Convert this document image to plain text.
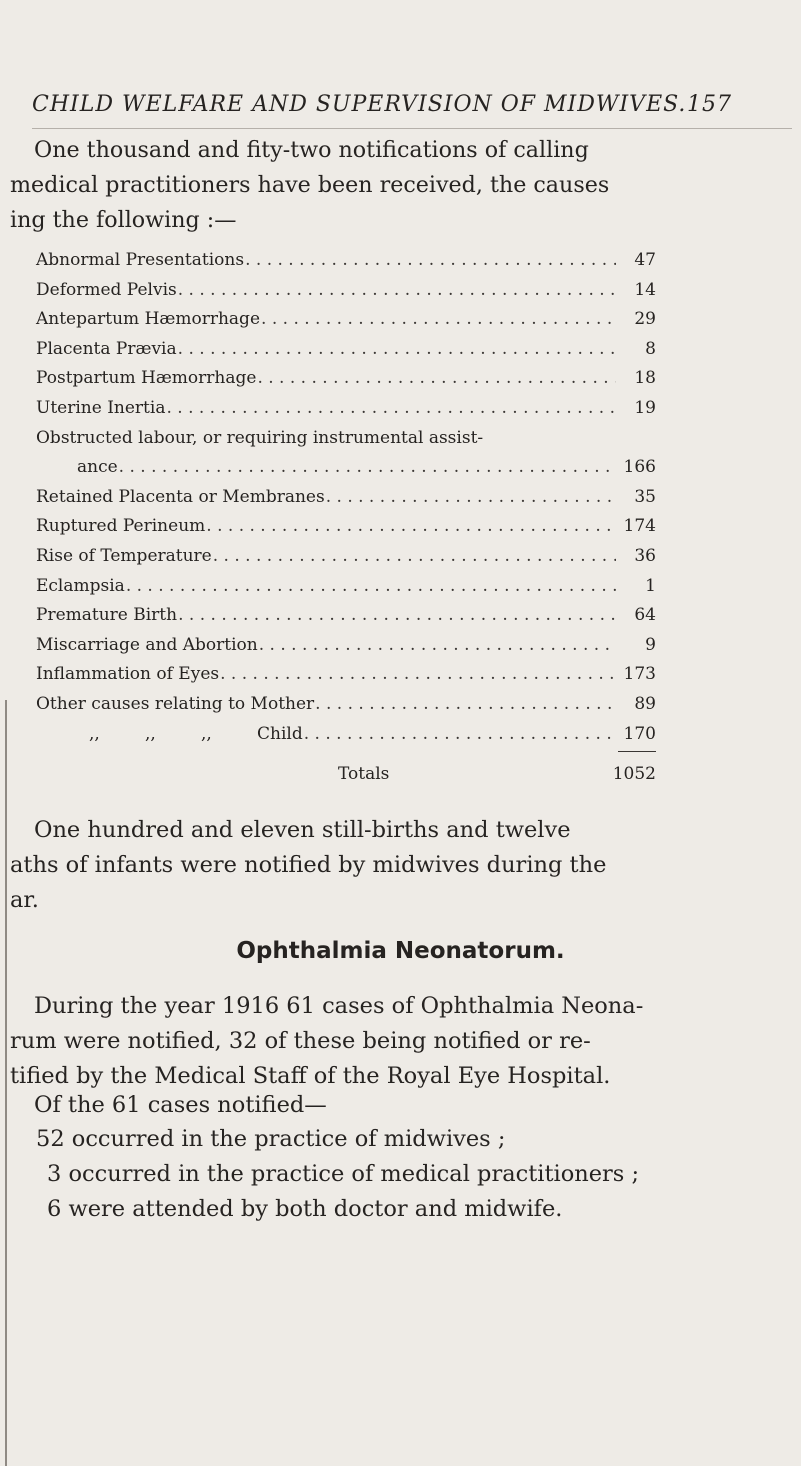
CHILD WELFARE AND SUPERVISION OF MIDWIVES. 157

One thousand and fity-two notifications of calling
medical practitioners have been received, the causes
ing the following :—

Abnormal Presentations . . .	47
Deformed Pelvis . . .	14
Antepartum Hæmorrhage . . .	29
Placenta Prævia . . .	8
Postpartum Hæmorrhage . . .	18
Uterine Inertia . . .	19
Obstructed labour, or requiring instrumental assist-
ance . . .	166
Retained Placenta or Membranes . . .	35
Ruptured Perineum . . .	174
Rise of Temperature . . .	36
Eclampsia . . .	1
Premature Birth . . .	64
Miscarriage and Abortion . . .	9
Inflammation of Eyes . . .	173
Other causes relating to Mother . . .	89
,,	,,	,,	Child . . .	170
Totals	1052

One hundred and eleven still-births and twelve
aths of infants were notified by midwives during the
ar.

Ophthalmia Neonatorum.

During the year 1916 61 cases of Ophthalmia Neona-
rum were notified, 32 of these being notified or re-
tified by the Medical Staff of the Royal Eye Hospital.

Of the 61 cases notified—

52 occurred in the practice of midwives ;
3 occurred in the practice of medical practitioners ;
6 were attended by both doctor and midwife.
